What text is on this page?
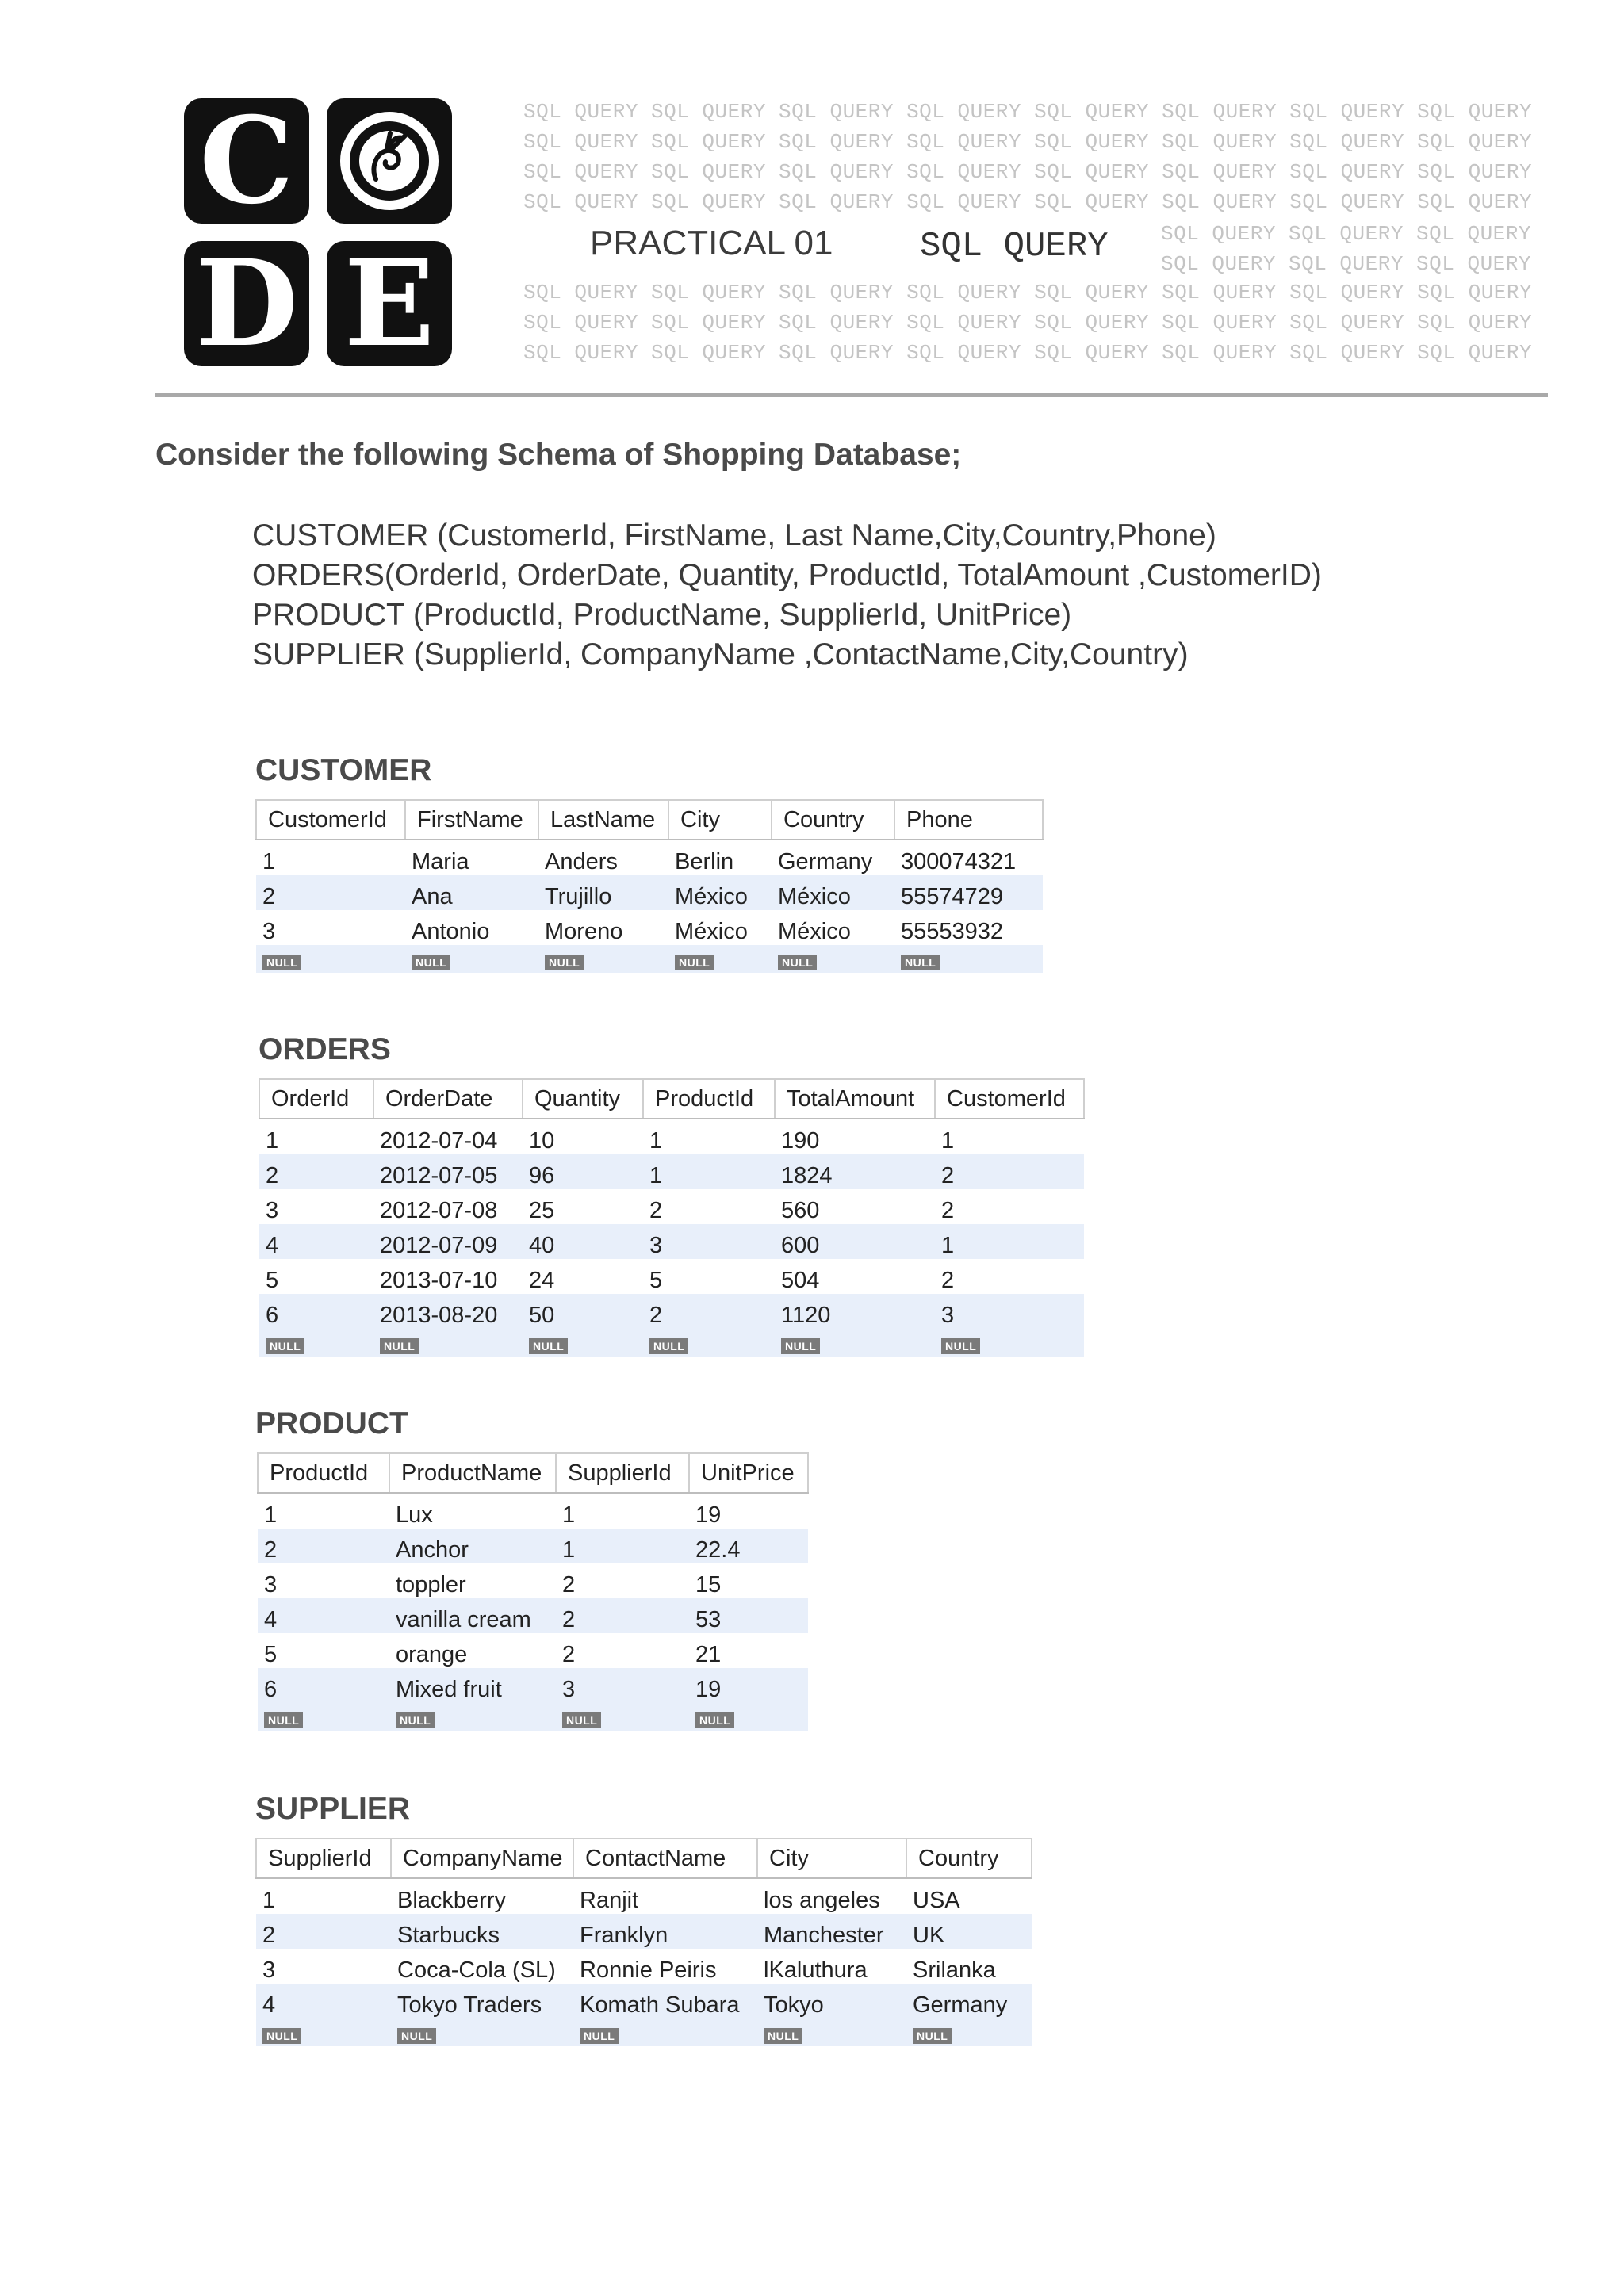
C
D E

SQL QUERY SQL QUERY SQL QUERY SQL QUERY SQL QUERY SQL QUERY SQL QUERY SQL QUERY

SQL QUERY SQL QUERY SQL QUERY SQL QUERY SQL QUERY SQL QUERY SQL QUERY SQL QUERY

SQL QUERY SQL QUERY SQL QUERY SQL QUERY SQL QUERY SQL QUERY SQL QUERY SQL QUERY

SQL QUERY SQL QUERY SQL QUERY SQL QUERY SQL QUERY SQL QUERY SQL QUERY SQL QUERY

SQL QUERY SQL QUERY SQL QUERY

SQL QUERY SQL QUERY SQL QUERY

SQL QUERY SQL QUERY SQL QUERY SQL QUERY SQL QUERY SQL QUERY SQL QUERY SQL QUERY

SQL QUERY SQL QUERY SQL QUERY SQL QUERY SQL QUERY SQL QUERY SQL QUERY SQL QUERY

SQL QUERY SQL QUERY SQL QUERY SQL QUERY SQL QUERY SQL QUERY SQL QUERY SQL QUERY

PRACTICAL 01 SQL QUERY
Consider the following Schema of Shopping Database;
CUSTOMER (CustomerId, FirstName, Last Name,City,Country,Phone)
ORDERS(OrderId, OrderDate, Quantity, ProductId, TotalAmount ,CustomerID)
PRODUCT (ProductId, ProductName, SupplierId, UnitPrice)
SUPPLIER (SupplierId, CompanyName ,ContactName,City,Country)
CUSTOMER
CustomerId	FirstName	LastName	City	Country	Phone
1	Maria	Anders	Berlin	Germany	300074321
2	Ana	Trujillo	México	México	55574729
3	Antonio	Moreno	México	México	55553932
NULL	NULL	NULL	NULL	NULL	NULL
ORDERS
OrderId	OrderDate	Quantity	ProductId	TotalAmount	CustomerId
1	2012-07-04	10	1	190	1
2	2012-07-05	96	1	1824	2
3	2012-07-08	25	2	560	2
4	2012-07-09	40	3	600	1
5	2013-07-10	24	5	504	2
6	2013-08-20	50	2	1120	3
NULL	NULL	NULL	NULL	NULL	NULL
PRODUCT
ProductId	ProductName	SupplierId	UnitPrice
1	Lux	1	19
2	Anchor	1	22.4
3	toppler	2	15
4	vanilla cream	2	53
5	orange	2	21
6	Mixed fruit	3	19
NULL	NULL	NULL	NULL
SUPPLIER
SupplierId	CompanyName	ContactName	City	Country
1	Blackberry	Ranjit	los angeles	USA
2	Starbucks	Franklyn	Manchester	UK
3	Coca-Cola (SL)	Ronnie Peiris	lKaluthura	Srilanka
4	Tokyo Traders	Komath Subara	Tokyo	Germany
NULL	NULL	NULL	NULL	NULL
